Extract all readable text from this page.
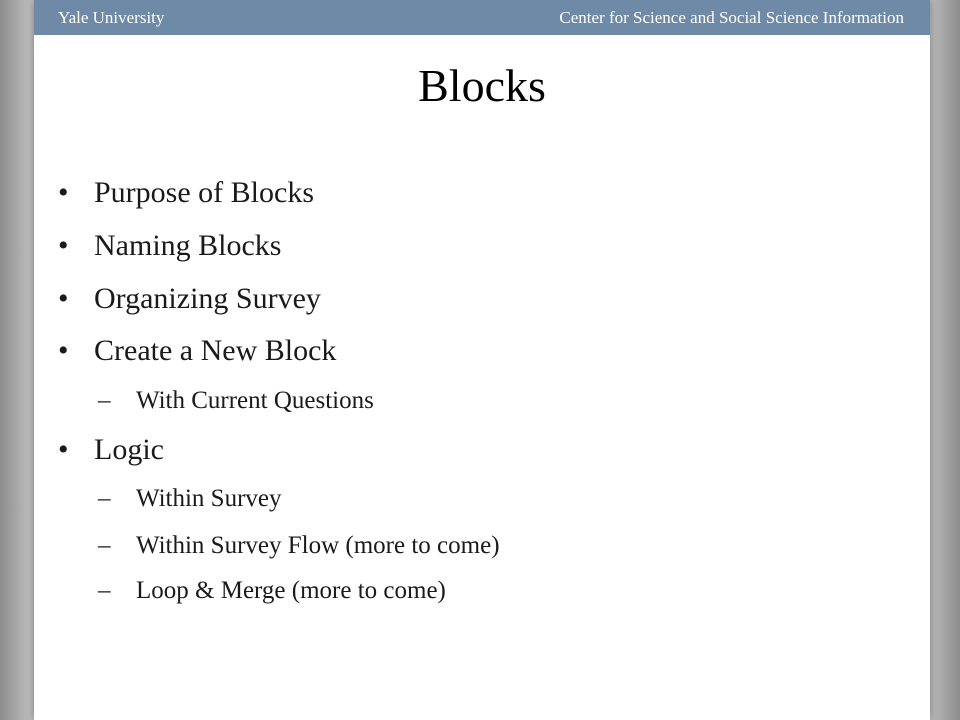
Yale University	Center for Science and Social Science Information
Blocks
• Purpose of Blocks
• Naming Blocks
• Organizing Survey
• Create a New Block
– With Current Questions
• Logic
– Within Survey
– Within Survey Flow (more to come)
– Loop & Merge (more to come)
